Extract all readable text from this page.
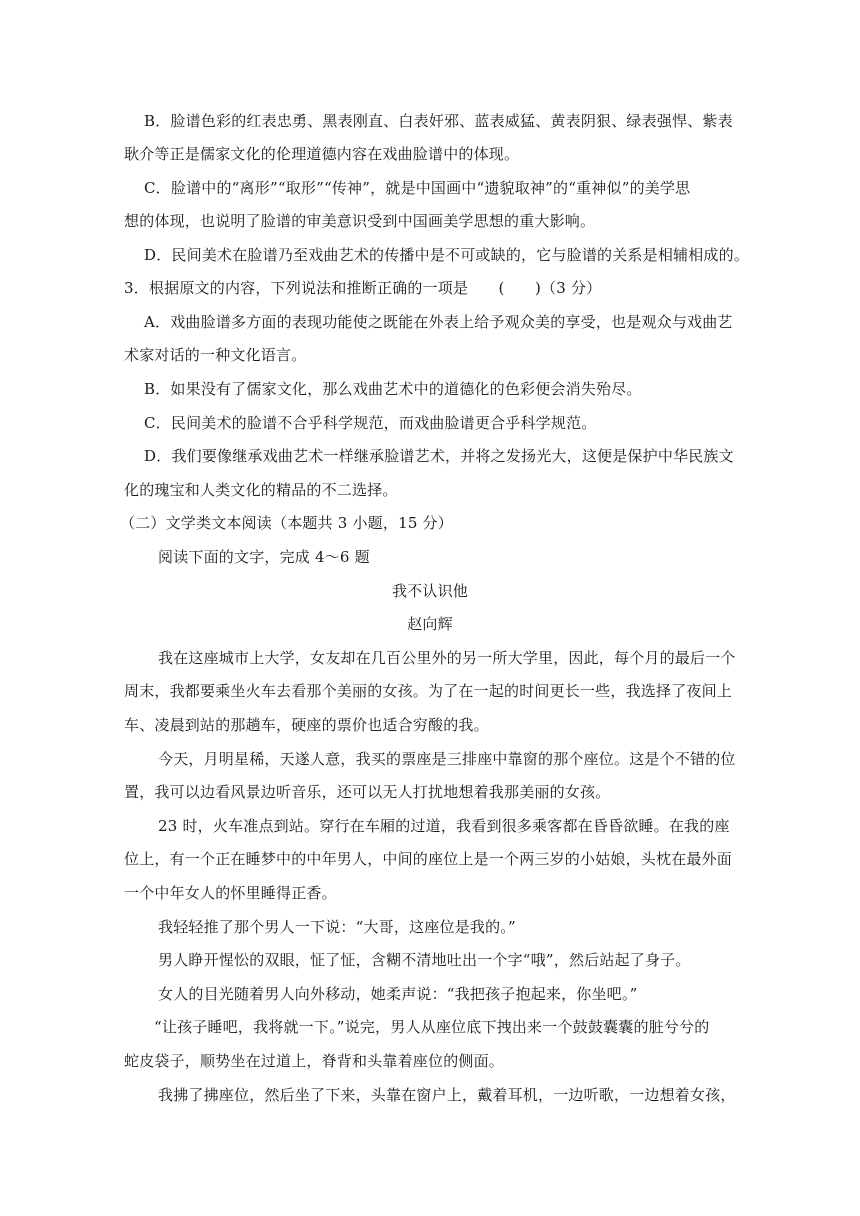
B．脸谱色彩的红表忠勇、黑表刚直、白表奸邪、蓝表威猛、黄表阴狠、绿表强悍、紫表
耿介等正是儒家文化的伦理道德内容在戏曲脸谱中的体现。
C．脸谱中的“离形”“取形”“传神”，就是中国画中“遗貌取神”的“重神似”的美学思
想的体现，也说明了脸谱的审美意识受到中国画美学思想的重大影响。
D．民间美术在脸谱乃至戏曲艺术的传播中是不可或缺的，它与脸谱的关系是相辅相成的。
3．根据原文的内容，下列说法和推断正确的一项是　　(　　)（3 分）
A．戏曲脸谱多方面的表现功能使之既能在外表上给予观众美的享受，也是观众与戏曲艺
术家对话的一种文化语言。
B．如果没有了儒家文化，那么戏曲艺术中的道德化的色彩便会消失殆尽。
C．民间美术的脸谱不合乎科学规范，而戏曲脸谱更合乎科学规范。
D．我们要像继承戏曲艺术一样继承脸谱艺术，并将之发扬光大，这便是保护中华民族文
化的瑰宝和人类文化的精品的不二选择。
（二）文学类文本阅读（本题共 3 小题，15 分）
阅读下面的文字，完成 4～6 题
我不认识他
赵向辉
我在这座城市上大学，女友却在几百公里外的另一所大学里，因此，每个月的最后一个
周末，我都要乘坐火车去看那个美丽的女孩。为了在一起的时间更长一些，我选择了夜间上
车、凌晨到站的那趟车，硬座的票价也适合穷酸的我。
今天，月明星稀，天遂人意，我买的票座是三排座中靠窗的那个座位。这是个不错的位
置，我可以边看风景边听音乐，还可以无人打扰地想着我那美丽的女孩。
23 时，火车准点到站。穿行在车厢的过道，我看到很多乘客都在昏昏欲睡。在我的座
位上，有一个正在睡梦中的中年男人，中间的座位上是一个两三岁的小姑娘，头枕在最外面
一个中年女人的怀里睡得正香。
我轻轻推了那个男人一下说：“大哥，这座位是我的。”
男人睁开惺忪的双眼，怔了怔，含糊不清地吐出一个字“哦”，然后站起了身子。
女人的目光随着男人向外移动，她柔声说：“我把孩子抱起来，你坐吧。”
“让孩子睡吧，我将就一下。”说完，男人从座位底下拽出来一个鼓鼓囊囊的脏兮兮的
蛇皮袋子，顺势坐在过道上，脊背和头靠着座位的侧面。
我拂了拂座位，然后坐了下来，头靠在窗户上，戴着耳机，一边听歌，一边想着女孩，
